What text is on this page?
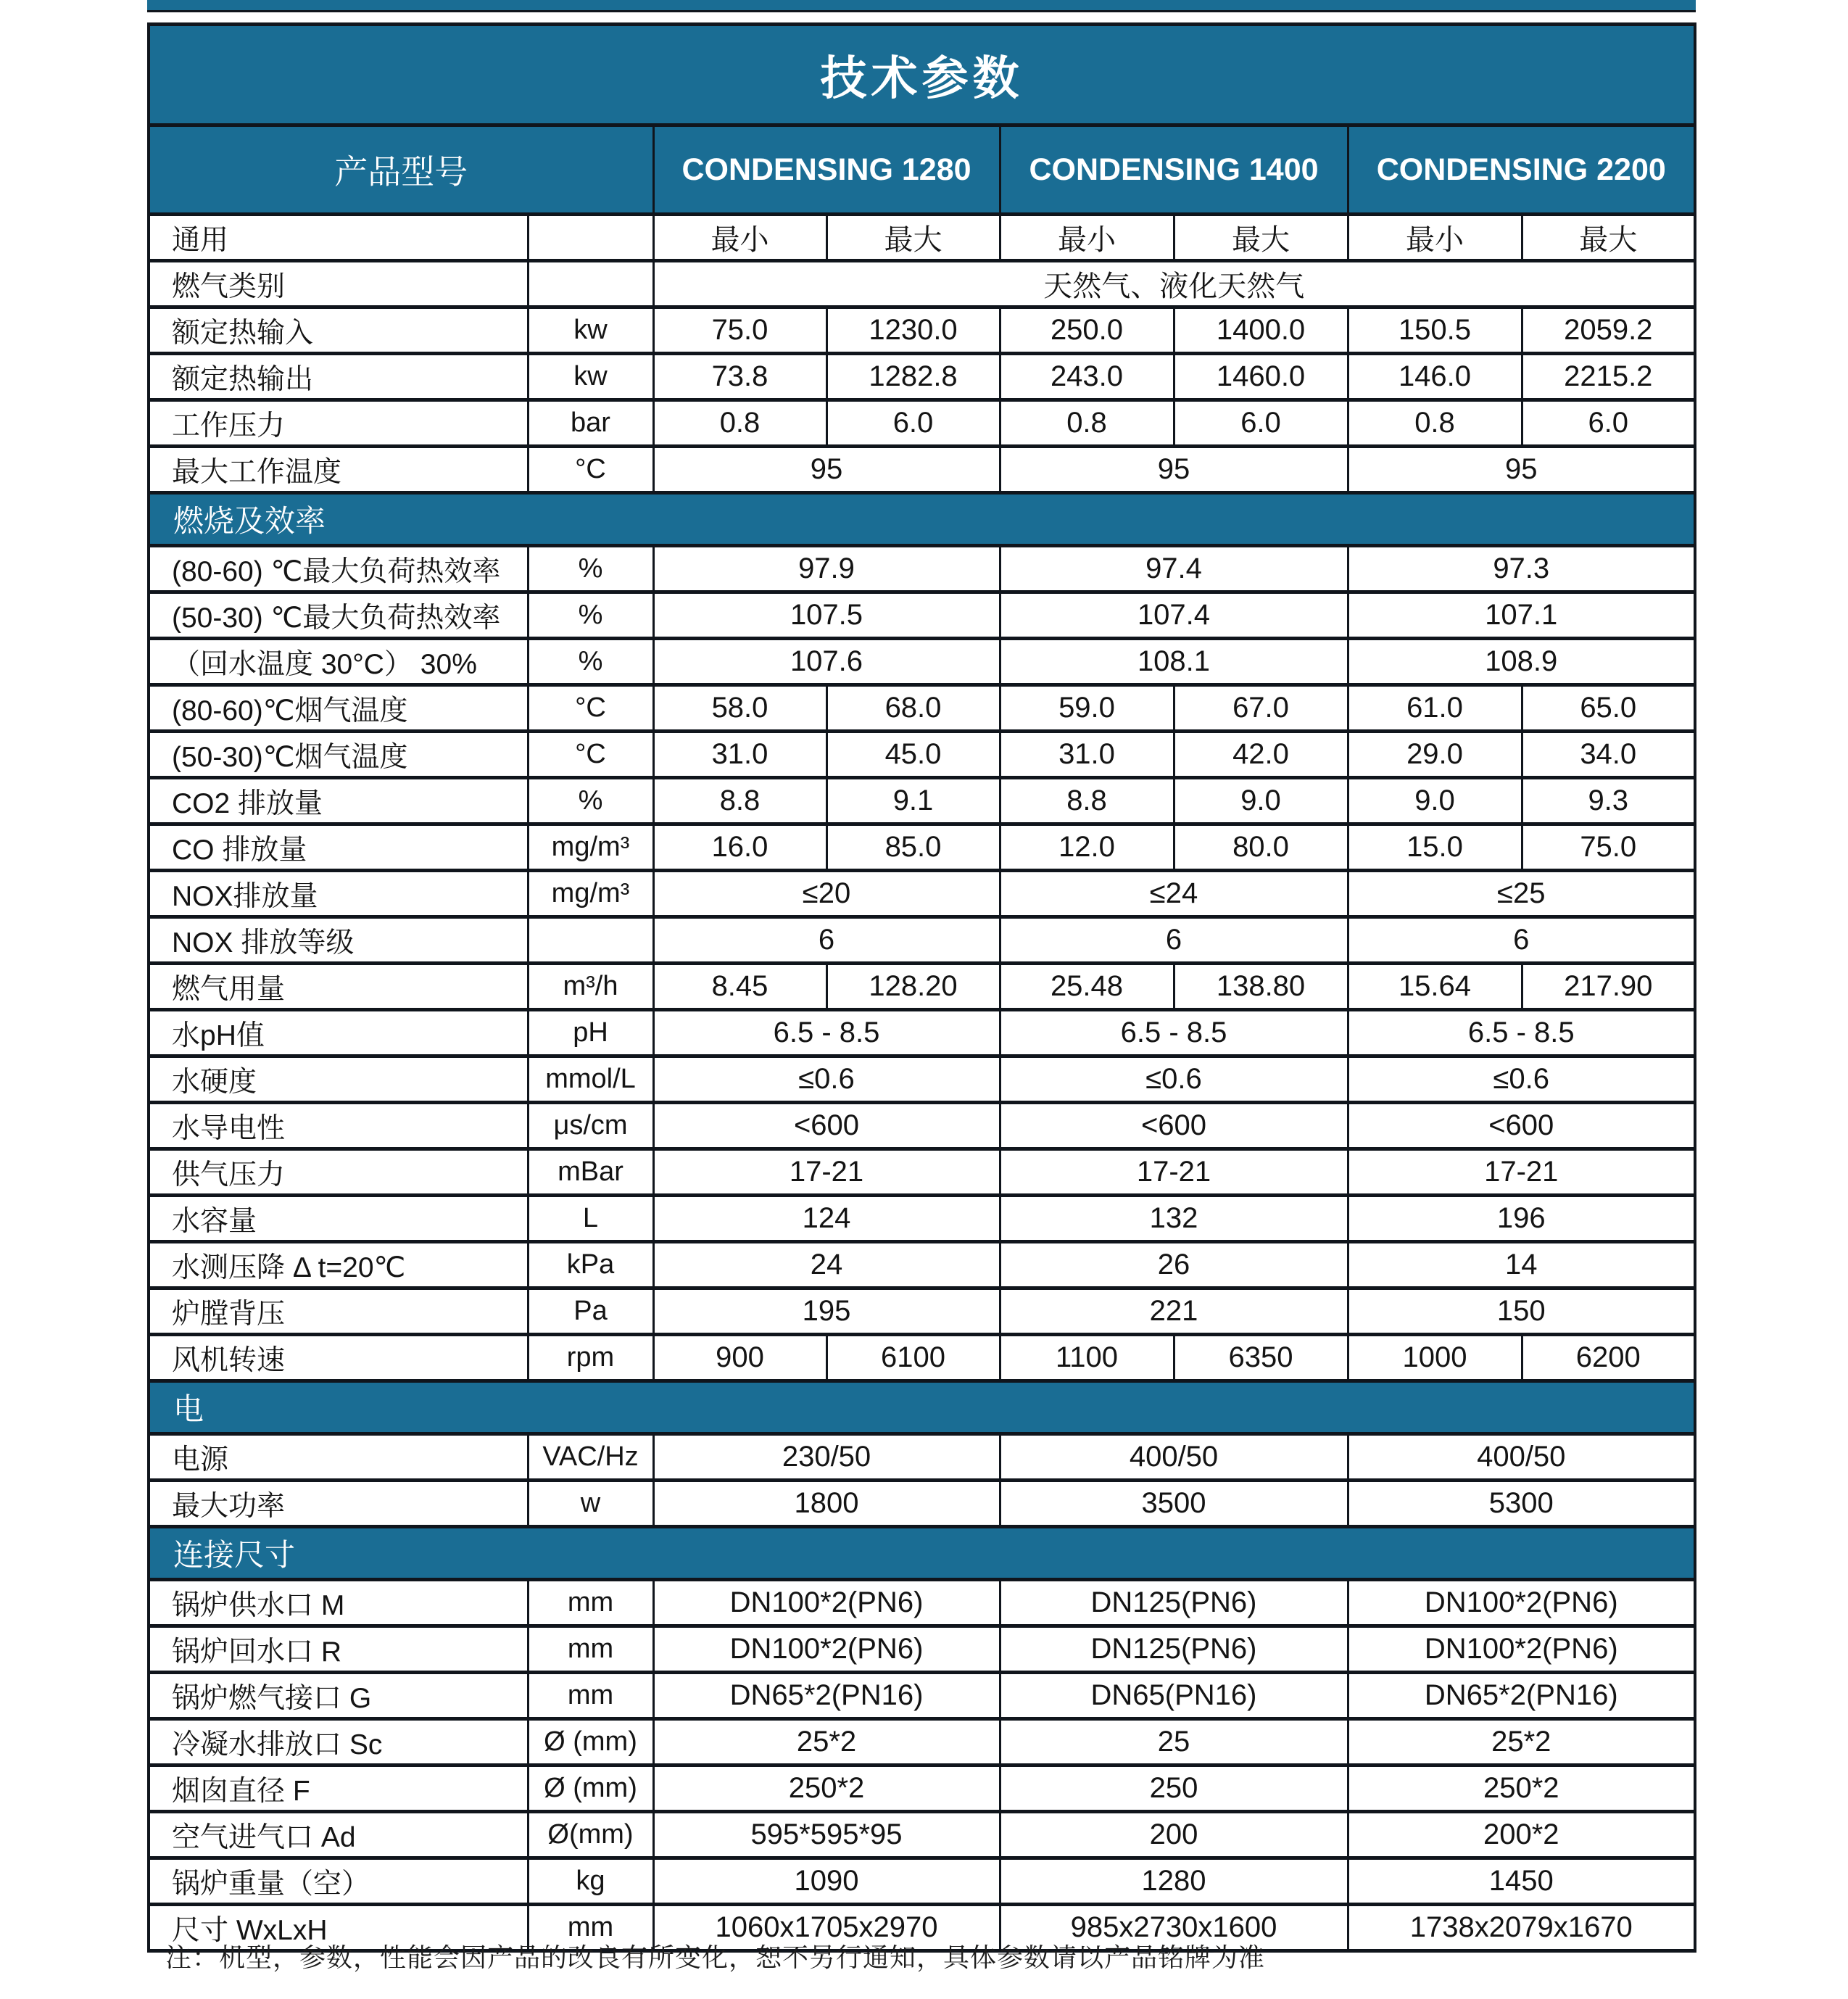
技术参数							
产品型号		CONDENSING 1280		CONDENSING 1400		CONDENSING 2200	
通用		最小	最大	最小	最大	最小	最大
燃气类别		天然气、液化天然气					
额定热输入	kw	75.0	1230.0	250.0	1400.0	150.5	2059.2
额定热输出	kw	73.8	1282.8	243.0	1460.0	146.0	2215.2
工作压力	bar	0.8	6.0	0.8	6.0	0.8	6.0
最大工作温度	°C	95		95		95	
燃烧及效率							
(80-60) ℃最大负荷热效率	%	97.9		97.4		97.3	
(50-30) ℃最大负荷热效率	%	107.5		107.4		107.1	
（回水温度 30°C） 30%	%	107.6		108.1		108.9	
(80-60)℃烟气温度	°C	58.0	68.0	59.0	67.0	61.0	65.0
(50-30)℃烟气温度	°C	31.0	45.0	31.0	42.0	29.0	34.0
CO2 排放量	%	8.8	9.1	8.8	9.0	9.0	9.3
CO 排放量	mg/m³	16.0	85.0	12.0	80.0	15.0	75.0
NOX排放量	mg/m³	≤20		≤24		≤25	
NOX 排放等级		6		6		6	
燃气用量	m³/h	8.45	128.20	25.48	138.80	15.64	217.90
水pH值	pH	6.5 - 8.5		6.5 - 8.5		6.5 - 8.5	
水硬度	mmol/L	≤0.6		≤0.6		≤0.6	
水导电性	μs/cm	<600		<600		<600	
供气压力	mBar	17-21		17-21		17-21	
水容量	L	124		132		196	
水测压降 Δ t=20℃	kPa	24		26		14	
炉膛背压	Pa	195		221		150	
风机转速	rpm	900	6100	1100	6350	1000	6200
电							
电源	VAC/Hz	230/50		400/50		400/50	
最大功率	w	1800		3500		5300	
连接尺寸							
锅炉供水口 M	mm	DN100*2(PN6)		DN125(PN6)		DN100*2(PN6)	
锅炉回水口 R	mm	DN100*2(PN6)		DN125(PN6)		DN100*2(PN6)	
锅炉燃气接口 G	mm	DN65*2(PN16)		DN65(PN16)		DN65*2(PN16)	
冷凝水排放口 Sc	Ø (mm)	25*2		25		25*2	
烟囱直径 F	Ø (mm)	250*2		250		250*2	
空气进气口 Ad	Ø(mm)	595*595*95		200		200*2	
锅炉重量（空）	kg	1090		1280		1450	
尺寸 WxLxH	mm	1060x1705x2970		985x2730x1600		1738x2079x1670	
注：机型，参数，性能会因产品的改良有所变化，恕不另行通知，具体参数请以产品铭牌为准
